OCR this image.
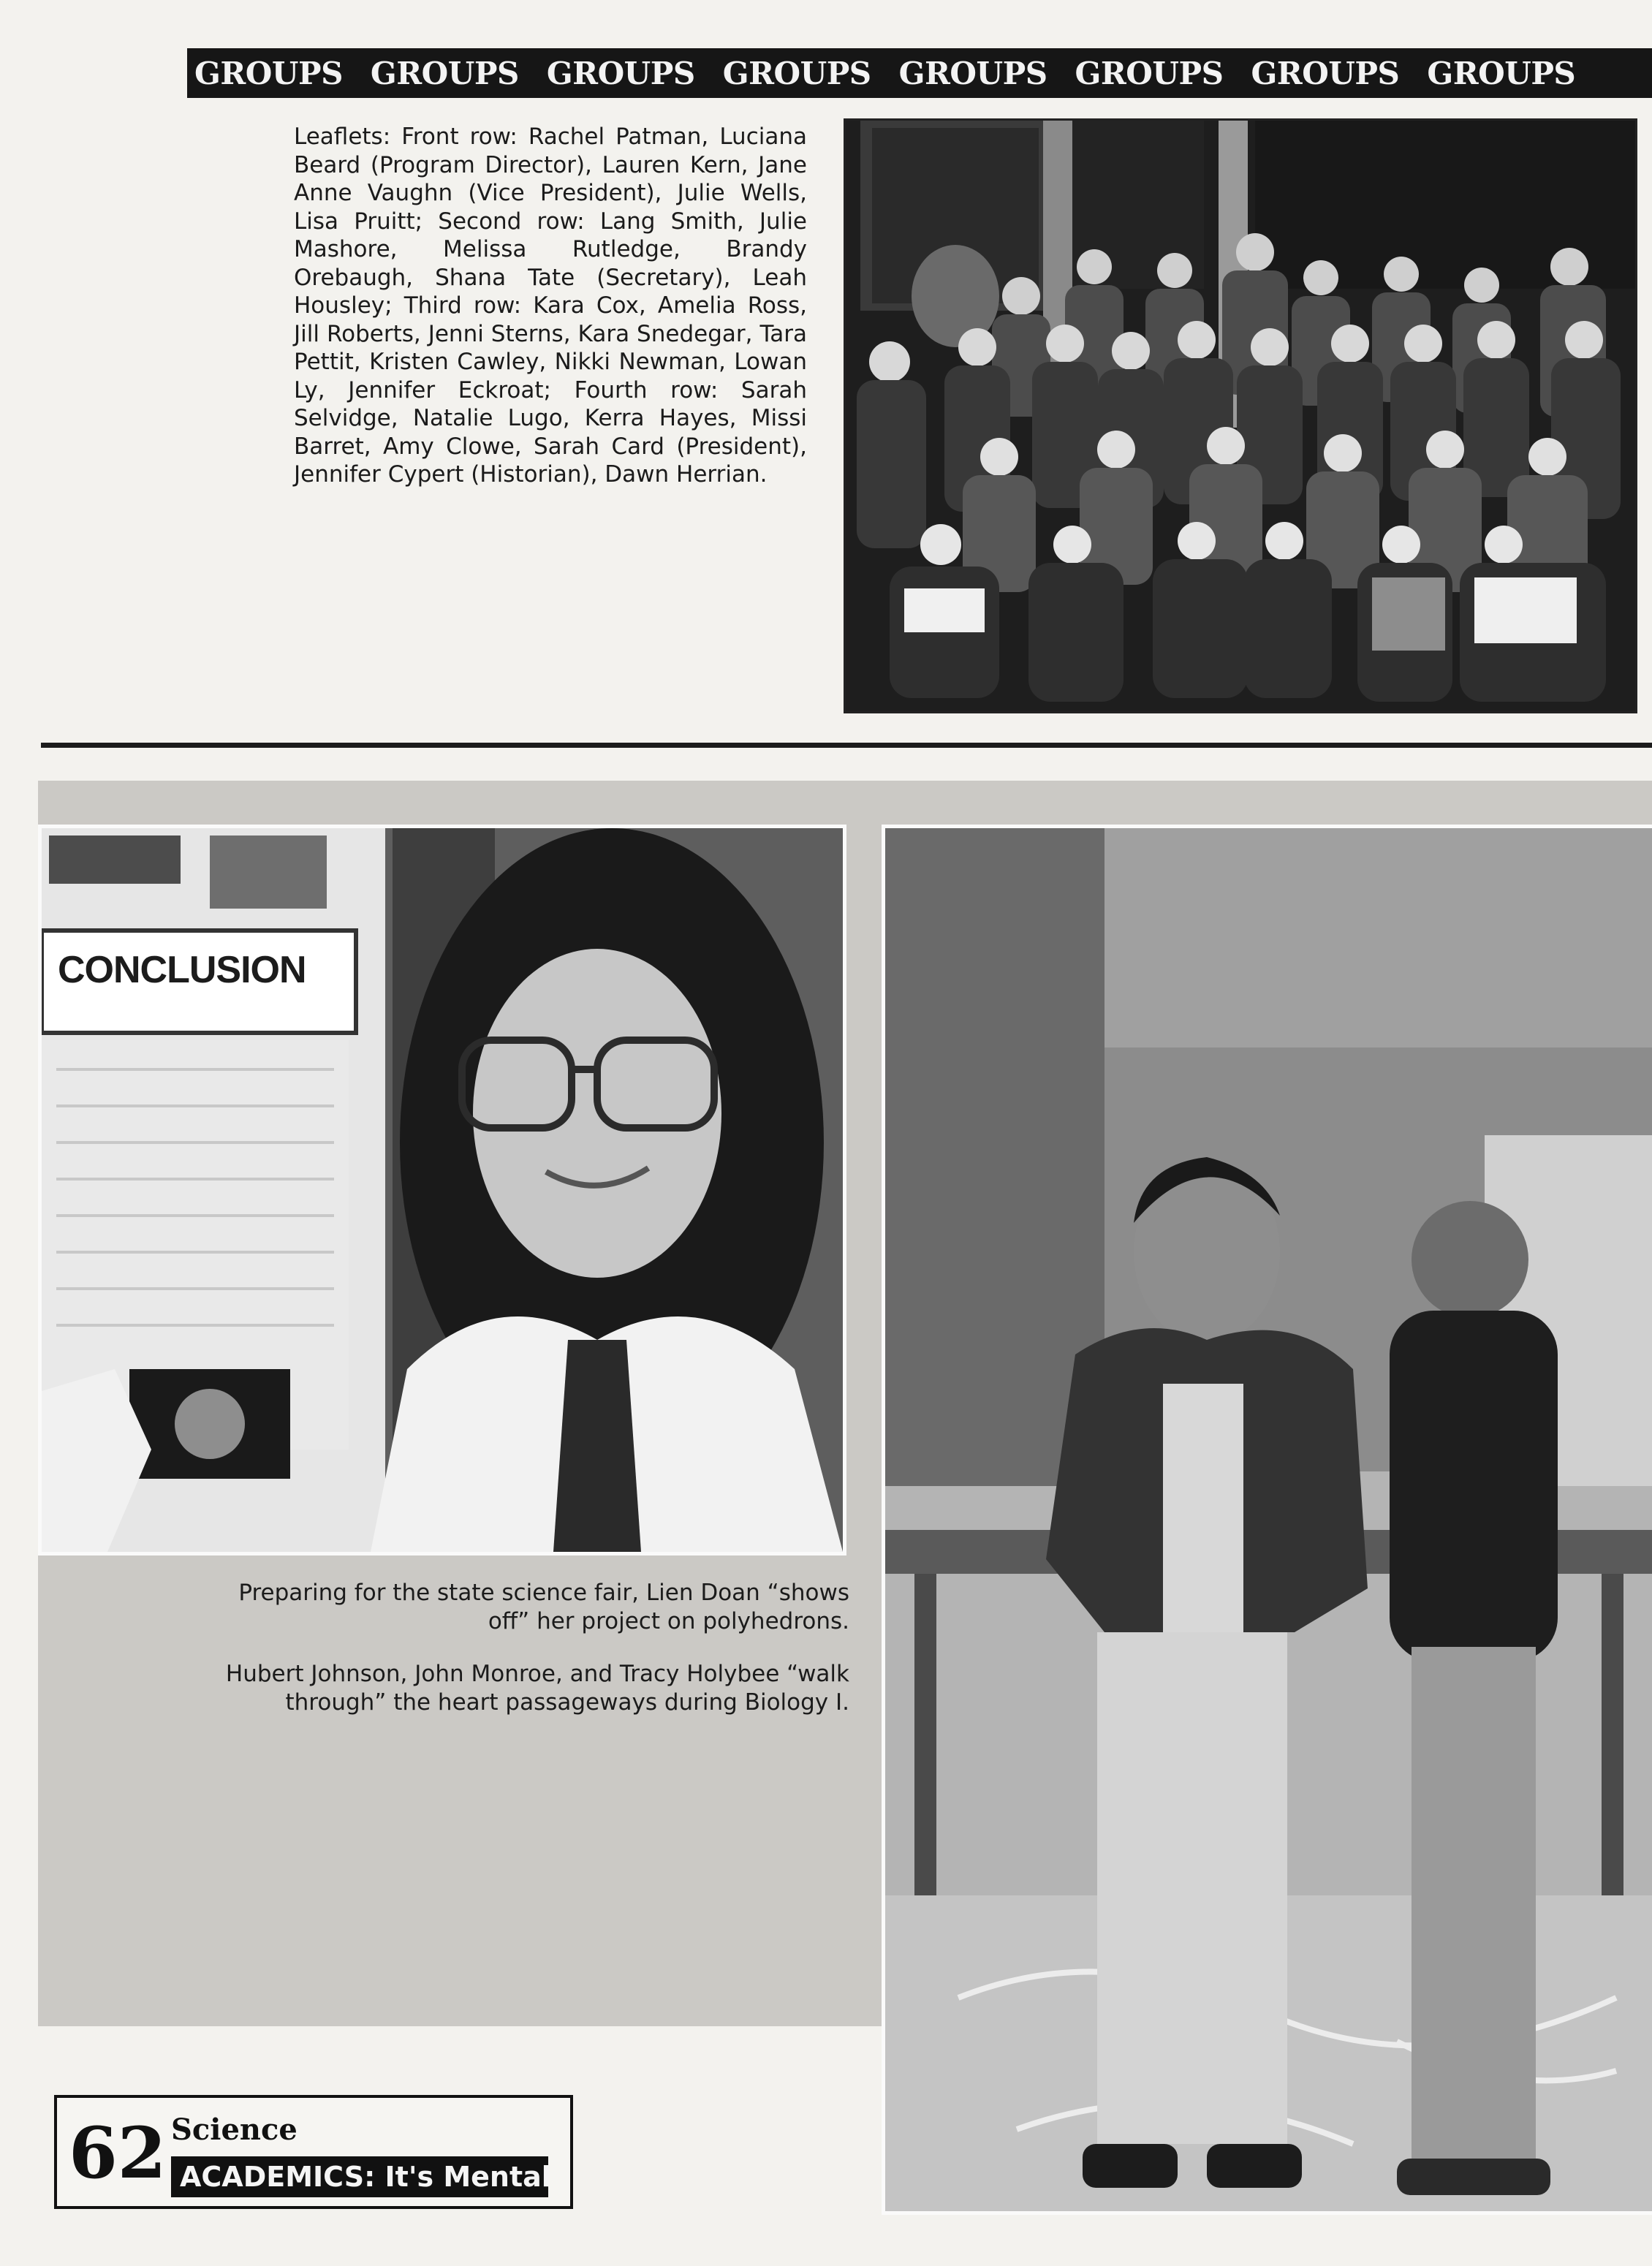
GROUPS GROUPS GROUPS GROUPS GROUPS GROUPS GROUPS GROUPS
Leaflets: Front row: Rachel Patman, Luciana Beard (Program Director), Lauren Kern, Jane Anne Vaughn (Vice President), Julie Wells, Lisa Pruitt; Second row: Lang Smith, Julie Mashore, Melissa Rutledge, Brandy Orebaugh, Shana Tate (Secretary), Leah Housley; Third row: Kara Cox, Amelia Ross, Jill Roberts, Jenni Sterns, Kara Snedegar, Tara Pettit, Kristen Cawley, Nikki Newman, Lowan Ly, Jennifer Eckroat; Fourth row: Sarah Selvidge, Natalie Lugo, Kerra Hayes, Missi Barret, Amy Clowe, Sarah Card (President), Jennifer Cypert (Historian), Dawn Herrian.
CONCLUSION

Preparing for the state science fair, Lien Doan “shows off” her project on polyhedrons.

Hubert Johnson, John Monroe, and Tracy Holybee “walk through” the heart passageways during Biology I.

62 Science
ACADEMICS: It's Mental
